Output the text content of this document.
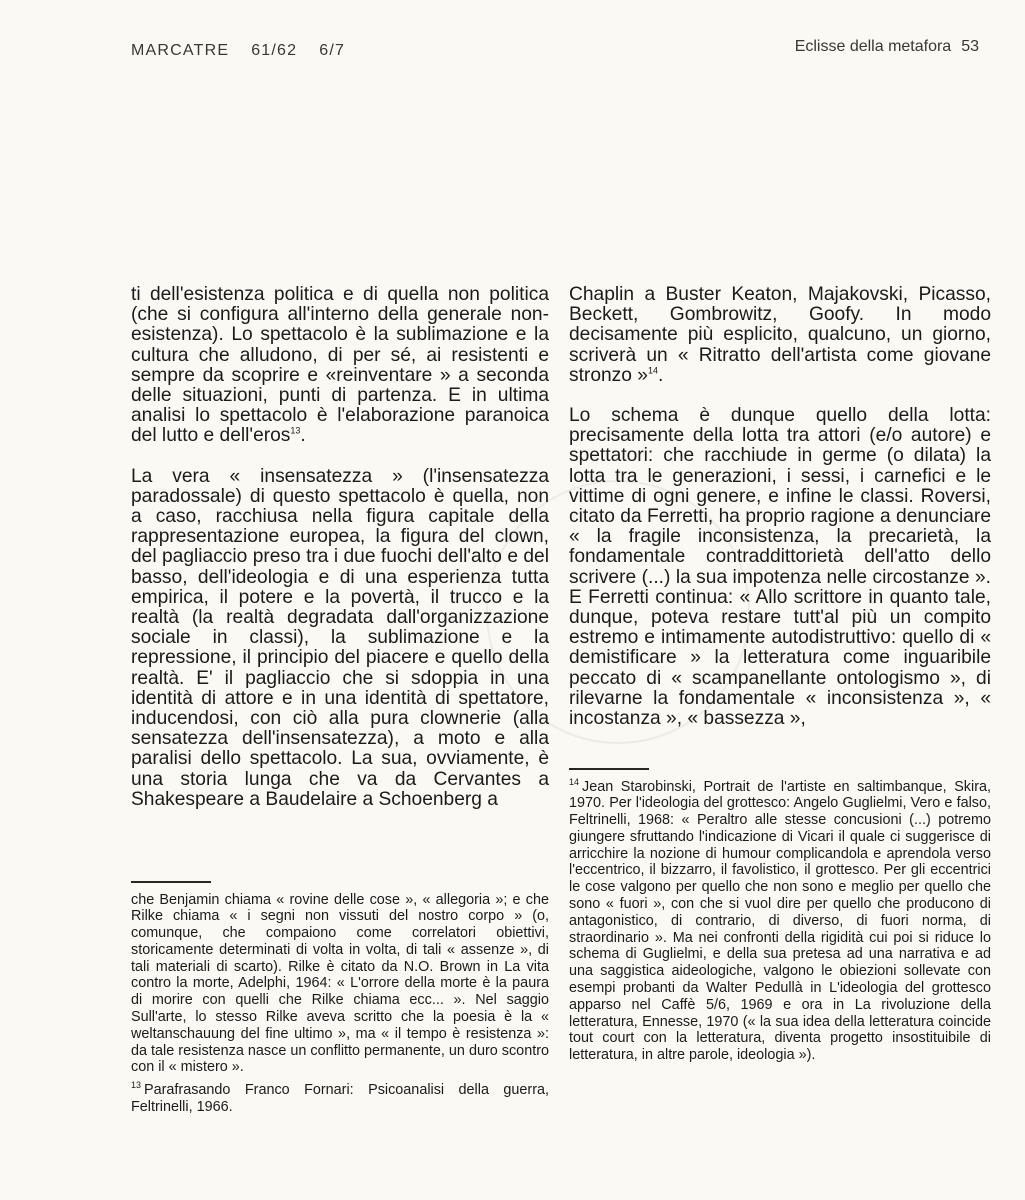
MARCATRE 61/62 6/7	Eclisse della metafora 53

ti dell'esistenza politica e di quella non politica (che si configura all'interno della generale non-esistenza). Lo spettacolo è la sublimazione e la cultura che alludono, di per sé, ai resistenti e sempre da scoprire e «reinventare » a seconda delle situazioni, punti di partenza. E in ultima analisi lo spettacolo è l'elaborazione paranoica del lutto e dell'eros$^{13}$.

La vera « insensatezza » (l'insensatezza paradossale) di questo spettacolo è quella, non a caso, racchiusa nella figura capitale della rappresentazione europea, la figura del clown, del pagliaccio preso tra i due fuochi dell'alto e del basso, dell'ideologia e di una esperienza tutta empirica, il potere e la povertà, il trucco e la realtà (la realtà degradata dall'organizzazione sociale in classi), la sublimazione e la repressione, il principio del piacere e quello della realtà. E' il pagliaccio che si sdoppia in una identità di attore e in una identità di spettatore, inducendosi, con ciò alla pura clownerie (alla sensatezza dell'insensatezza), a moto e alla paralisi dello spettacolo. La sua, ovviamente, è una storia lunga che va da Cervantes a Shakespeare a Baudelaire a Schoenberg a

Chaplin a Buster Keaton, Majakovski, Picasso, Beckett, Gombrowitz, Goofy. In modo decisamente più esplicito, qualcuno, un giorno, scriverà un « Ritratto dell'artista come giovane stronzo »$^{14}$.

Lo schema è dunque quello della lotta: precisamente della lotta tra attori (e/o autore) e spettatori: che racchiude in germe (o dilata) la lotta tra le generazioni, i sessi, i carnefici e le vittime di ogni genere, e infine le classi. Roversi, citato da Ferretti, ha proprio ragione a denunciare « la fragile inconsistenza, la precarietà, la fondamentale contraddittorietà dell'atto dello scrivere (...) la sua impotenza nelle circostanze ». E Ferretti continua: « Allo scrittore in quanto tale, dunque, poteva restare tutt'al più un compito estremo e intimamente autodistruttivo: quello di « demistificare » la letteratura come inguaribile peccato di « scampanellante ontologismo », di rilevarne la fondamentale « inconsistenza », « incostanza », « bassezza »,

che Benjamin chiama « rovine delle cose », « allegoria »; e che Rilke chiama « i segni non vissuti del nostro corpo » (o, comunque, che compaiono come correlatori obiettivi, storicamente determinati di volta in volta, di tali « assenze », di tali materiali di scarto). Rilke è citato da N.O. Brown in La vita contro la morte, Adelphi, 1964: « L'orrore della morte è la paura di morire con quelli che Rilke chiama ecc... ». Nel saggio Sull'arte, lo stesso Rilke aveva scritto che la poesia è la « weltanschauung del fine ultimo », ma « il tempo è resistenza »: da tale resistenza nasce un conflitto permanente, un duro scontro con il « mistero ».

$^{13}$ Parafrasando Franco Fornari: Psicoanalisi della guerra, Feltrinelli, 1966.

$^{14}$ Jean Starobinski, Portrait de l'artiste en saltimbanque, Skira, 1970. Per l'ideologia del grottesco: Angelo Guglielmi, Vero e falso, Feltrinelli, 1968: « Peraltro alle stesse concusioni (...) potremo giungere sfruttando l'indicazione di Vicari il quale ci suggerisce di arricchire la nozione di humour complicandola e aprendola verso l'eccentrico, il bizzarro, il favolistico, il grottesco. Per gli eccentrici le cose valgono per quello che non sono e meglio per quello che sono « fuori », con che si vuol dire per quello che producono di antagonistico, di contrario, di diverso, di fuori norma, di straordinario ». Ma nei confronti della rigidità cui poi si riduce lo schema di Guglielmi, e della sua pretesa ad una narrativa e ad una saggistica aideologiche, valgono le obiezioni sollevate con esempi probanti da Walter Pedullà in L'ideologia del grottesco apparso nel Caffè 5/6, 1969 e ora in La rivoluzione della letteratura, Ennesse, 1970 (« la sua idea della letteratura coincide tout court con la letteratura, diventa progetto insostituibile di letteratura, in altre parole, ideologia »).
